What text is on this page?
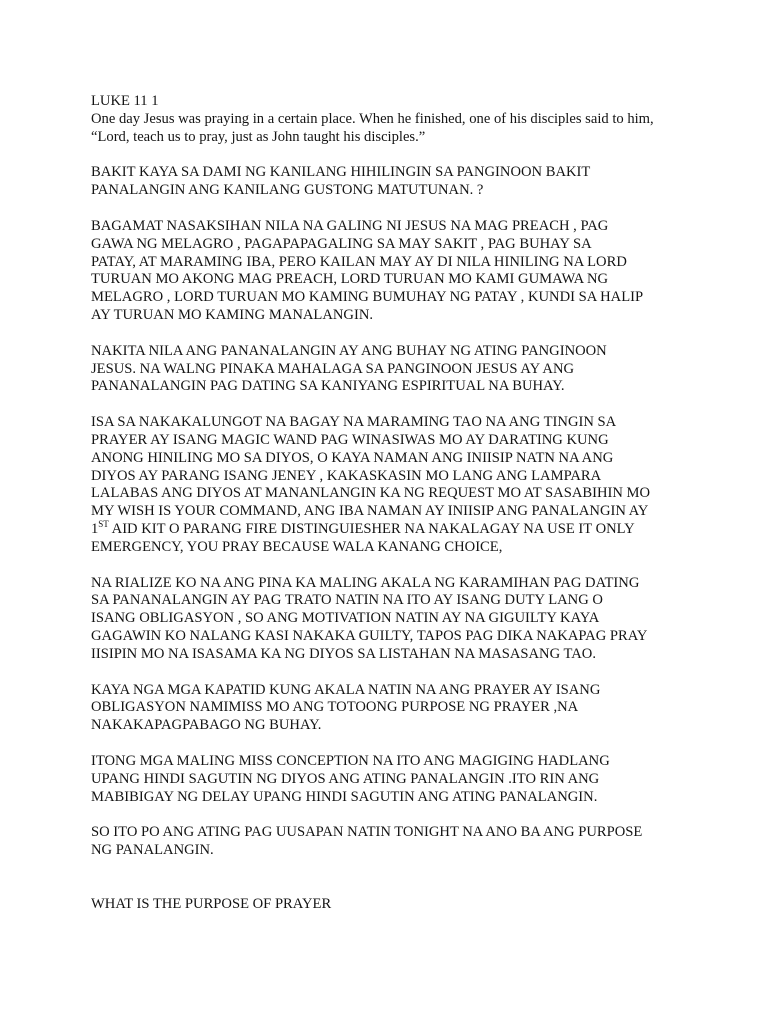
LUKE 11 1

One day Jesus was praying in a certain place. When he finished, one of his disciples said to him,
“Lord, teach us to pray, just as John taught his disciples.”

BAKIT KAYA SA DAMI NG KANILANG HIHILINGIN SA PANGINOON BAKIT
PANALANGIN ANG KANILANG GUSTONG MATUTUNAN. ?

BAGAMAT NASAKSIHAN NILA NA GALING NI JESUS NA MAG PREACH , PAG
GAWA NG MELAGRO , PAGAPAPAGALING SA MAY SAKIT , PAG BUHAY SA
PATAY, AT MARAMING IBA, PERO KAILAN MAY AY DI NILA HINILING NA LORD
TURUAN MO AKONG MAG PREACH, LORD TURUAN MO KAMI GUMAWA NG
MELAGRO , LORD TURUAN MO KAMING BUMUHAY NG PATAY , KUNDI SA HALIP
AY TURUAN MO KAMING MANALANGIN.

NAKITA NILA ANG PANANALANGIN AY ANG BUHAY NG ATING PANGINOON
JESUS. NA WALNG PINAKA MAHALAGA SA PANGINOON JESUS AY ANG
PANANALANGIN PAG DATING SA KANIYANG ESPIRITUAL NA BUHAY.

ISA SA NAKAKALUNGOT NA BAGAY NA MARAMING TAO NA ANG TINGIN SA
PRAYER AY ISANG MAGIC WAND PAG WINASIWAS MO AY DARATING KUNG
ANONG HINILING MO SA DIYOS, O KAYA NAMAN ANG INIISIP NATN NA ANG
DIYOS AY PARANG ISANG JENEY , KAKASKASIN MO LANG ANG LAMPARA
LALABAS ANG DIYOS AT MANANLANGIN KA NG REQUEST MO AT SASABIHIN MO
MY WISH IS YOUR COMMAND, ANG IBA NAMAN AY INIISIP ANG PANALANGIN AY
1ST AID KIT O PARANG FIRE DISTINGUIESHER NA NAKALAGAY NA USE IT ONLY
EMERGENCY, YOU PRAY BECAUSE WALA KANANG CHOICE,

NA RIALIZE KO NA ANG PINA KA MALING AKALA NG KARAMIHAN PAG DATING
SA PANANALANGIN AY PAG TRATO NATIN NA ITO AY ISANG DUTY LANG O
ISANG OBLIGASYON , SO ANG MOTIVATION NATIN AY NA GIGUILTY KAYA
GAGAWIN KO NALANG KASI NAKAKA GUILTY, TAPOS PAG DIKA NAKAPAG PRAY
IISIPIN MO NA ISASAMA KA NG DIYOS SA LISTAHAN NA MASASANG TAO.

KAYA NGA MGA KAPATID KUNG AKALA NATIN NA ANG PRAYER AY ISANG
OBLIGASYON NAMIMISS MO ANG TOTOONG PURPOSE NG PRAYER ,NA
NAKAKAPAGPABAGO NG BUHAY.

ITONG MGA MALING MISS CONCEPTION NA ITO ANG MAGIGING HADLANG
UPANG HINDI SAGUTIN NG DIYOS ANG ATING PANALANGIN .ITO RIN ANG
MABIBIGAY NG DELAY UPANG HINDI SAGUTIN ANG ATING PANALANGIN.

SO ITO PO ANG ATING PAG UUSAPAN NATIN TONIGHT NA ANO BA ANG PURPOSE
NG PANALANGIN.

WHAT IS THE PURPOSE OF PRAYER
